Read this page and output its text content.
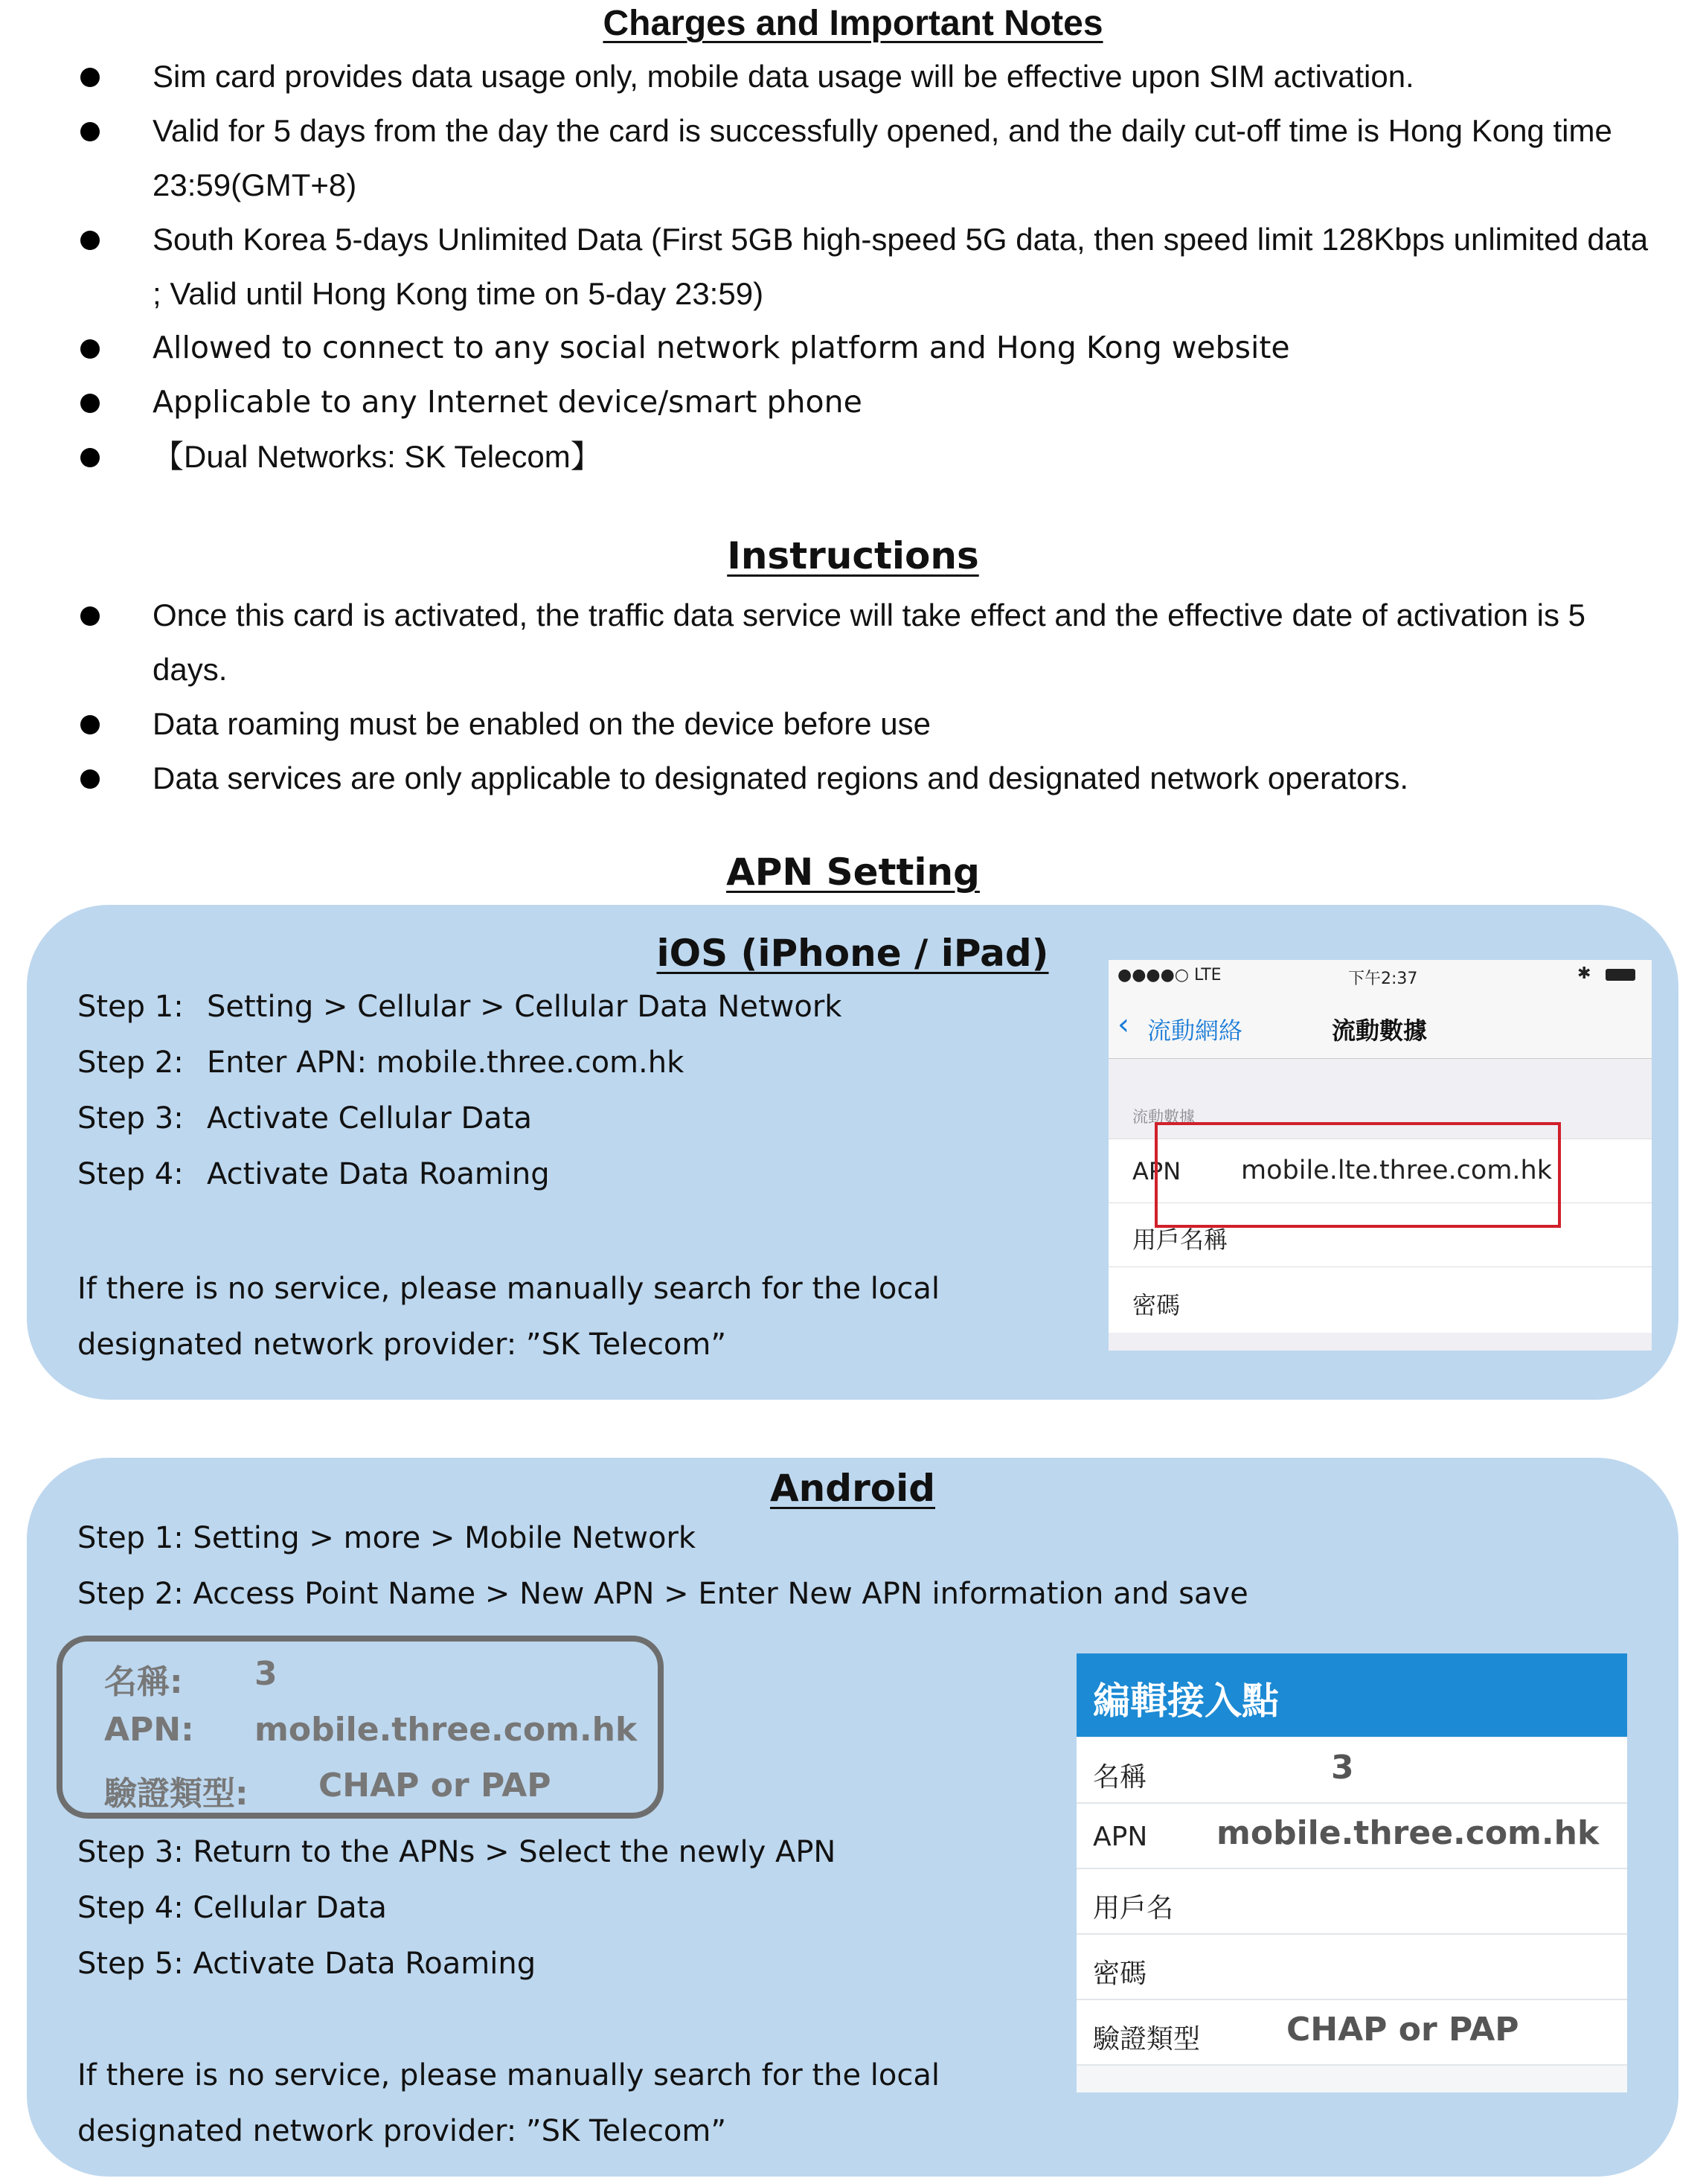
Charges and Important Notes
Sim card provides data usage only, mobile data usage will be effective upon SIM activation.
Valid for 5 days from the day the card is successfully opened, and the daily cut-off time is Hong Kong time 23:59(GMT+8)
South Korea 5-days Unlimited Data (First 5GB high-speed 5G data, then speed limit 128Kbps unlimited data ; Valid until Hong Kong time on 5-day 23:59)
Allowed to connect to any social network platform and Hong Kong website
Applicable to any Internet device/smart phone
【Dual Networks: SK Telecom】
Instructions
Once this card is activated, the traffic data service will take effect and the effective date of activation is 5 days.
Data roaming must be enabled on the device before use
Data services are only applicable to designated regions and designated network operators.
APN Setting
iOS (iPhone / iPad)
Step 1: Setting > Cellular > Cellular Data Network
Step 2: Enter APN: mobile.three.com.hk
Step 3: Activate Cellular Data
Step 4: Activate Data Roaming
If there is no service, please manually search for the local designated network provider: ”SK Telecom”
●●●●○ LTE	下午2:37	✱
‹ 流動網絡	流動數據
流動數據
APN mobile.lte.three.com.hk
用戶名稱
密碼
Android
Step 1: Setting > more > Mobile Network
Step 2: Access Point Name > New APN > Enter New APN information and save
名稱: 3
APN: mobile.three.com.hk
驗證類型: CHAP or PAP
Step 3: Return to the APNs > Select the newly APN
Step 4: Cellular Data
Step 5: Activate Data Roaming
If there is no service, please manually search for the local designated network provider: ”SK Telecom”
編輯接入點
名稱	3
APN mobile.three.com.hk
用戶名
密碼
驗證類型	CHAP or PAP
